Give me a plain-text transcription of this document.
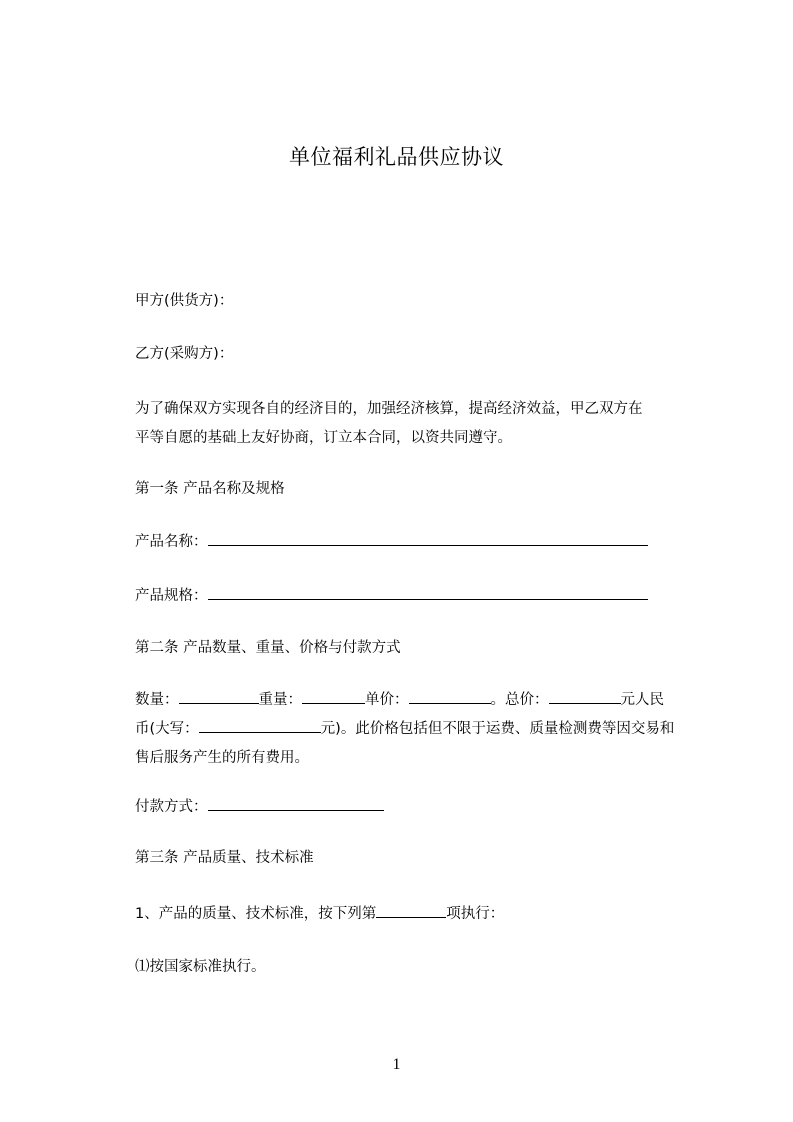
单位福利礼品供应协议
甲方(供货方)：
乙方(采购方)：
为了确保双方实现各自的经济目的，加强经济核算，提高经济效益，甲乙双方在
平等自愿的基础上友好协商，订立本合同，以资共同遵守。
第一条 产品名称及规格
产品名称：
产品规格：
第二条 产品数量、重量、价格与付款方式
数量：	重量：	单价：	。总价：	元人民
币(大写：	元)。此价格包括但不限于运费、质量检测费等因交易和
售后服务产生的所有费用。
付款方式：
第三条 产品质量、技术标准
1、产品的质量、技术标准，按下列第	项执行：
⑴按国家标准执行。
1
